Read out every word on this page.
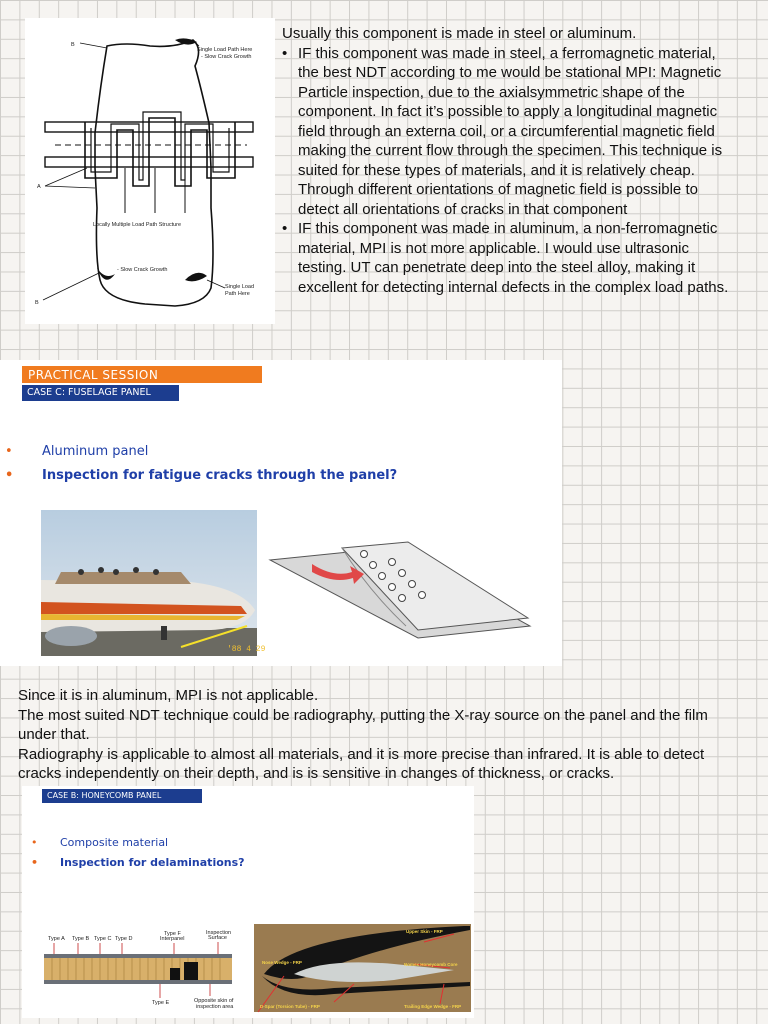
B
A
B
Single Load Path Here
- Slow Crack Growth
Locally Multiple Load Path Structure
- Slow Crack Growth
Single Load
Path Here
Usually this component is made in steel or aluminum.
• IF this component was made in steel, a ferromagnetic material, the best NDT according to me would be stational MPI: Magnetic Particle inspection, due to the axialsymmetric shape of the component. In fact it’s possible to apply a longitudinal magnetic field through an externa coil, or a circumferential magnetic field making the current flow through the specimen. This technique is suited for these types of materials, and it is relatively cheap. Through different orientations of magnetic field is possible to detect all orientations of cracks in that component
• IF this component was made in aluminum, a non-ferromagnetic material, MPI is not more applicable. I would use ultrasonic testing. UT can penetrate deep into the steel alloy, making it excellent for detecting internal defects in the complex load paths.
PRACTICAL SESSION
CASE C: FUSELAGE PANEL
• Aluminum panel
• Inspection for fatigue cracks through the panel?
'88 4 29
Since it is in aluminum, MPI is not applicable.
The most suited NDT technique could be radiography, putting the X-ray source on the panel and the film under that.
Radiography is applicable to almost all materials, and it is more precise than infrared. It is able to detect cracks independently on their depth, and is is sensitive in changes of thickness, or cracks.
CASE B: HONEYCOMB PANEL
• Composite material
• Inspection for delaminations?
Type A Type B Type C Type D
Type F
Interpanel
Inspection
Surface
Type E	Opposite skin of
inspection area
Upper Skin - FRP
Nomex Honeycomb Core
Nose Wedge - FRP
D-Spar (Torsion Tube) - FRP	Trailing Edge Wedge - FRP
